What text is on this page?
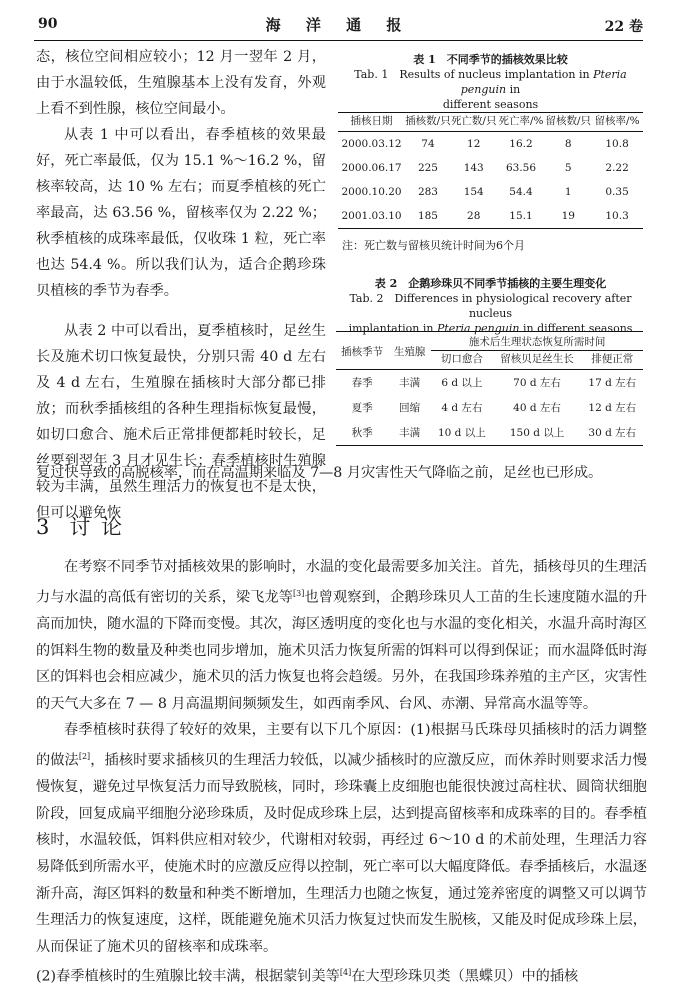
90	海 洋 通 报	22 卷

态，核位空间相应较小；12 月一翌年 2 月，由于水温较低，生殖腺基本上没有发育，外观上看不到性腺，核位空间最小。

从表 1 中可以看出，春季植核的效果最好，死亡率最低，仅为 15.1 %～16.2 %，留核率较高，达 10 % 左右；而夏季植核的死亡率最高，达 63.56 %，留核率仅为 2.22 %；秋季植核的成珠率最低，仅收珠 1 粒，死亡率也达 54.4 %。所以我们认为，适合企鹅珍珠贝植核的季节为春季。

从表 2 中可以看出，夏季植核时，足丝生长及施术切口恢复最快，分别只需 40 d 左右及 4 d 左右，生殖腺在插核时大部分都已排放；而秋季插核组的各种生理指标恢复最慢，如切口愈合、施术后正常排便都耗时较长，足丝要到翌年 3 月才见生长；春季植核时生殖腺较为丰满，虽然生理活力的恢复也不是太快，但可以避免恢

表 1　不同季节的插核效果比较
Tab. 1　Results of nucleus implantation in Pteria penguin in
different seasons
插核日期	插核数/只	死亡数/只	死亡率/%	留核数/只	留核率/%
2000.03.12	74	12	16.2	8	10.8
2000.06.17	225	143	63.56	5	2.22
2000.10.20	283	154	54.4	1	0.35
2001.03.10	185	28	15.1	19	10.3
注：死亡数与留核贝统计时间为6个月
表 2　企鹅珍珠贝不同季节插核的主要生理变化
Tab. 2　Differences in physiological recovery after nucleus
implantation in Pteria penguin in different seasons
插核季节	生殖腺	施术后生理状态恢复所需时间		
		切口愈合	留核贝足丝生长	排便正常
春季	丰满	6 d 以上	70 d 左右	17 d 左右
夏季	回缩	4 d 左右	40 d 左右	12 d 左右
秋季	丰满	10 d 以上	150 d 以上	30 d 左右
复过快导致的高脱核率，而在高温期来临及 7—8 月灾害性天气降临之前，足丝也已形成。
3 讨 论

在考察不同季节对插核效果的影响时，水温的变化最需要多加关注。首先，插核母贝的生理活力与水温的高低有密切的关系，梁飞龙等[3]也曾观察到，企鹅珍珠贝人工苗的生长速度随水温的升高而加快，随水温的下降而变慢。其次，海区透明度的变化也与水温的变化相关，水温升高时海区的饵料生物的数量及种类也同步增加，施术贝活力恢复所需的饵料可以得到保证；而水温降低时海区的饵料也会相应减少，施术贝的活力恢复也将会趋缓。另外，在我国珍珠养殖的主产区，灾害性的天气大多在 7 — 8 月高温期间频频发生，如西南季风、台风、赤潮、异常高水温等等。

春季植核时获得了较好的效果，主要有以下几个原因：(1)根据马氏珠母贝插核时的活力调整的做法[2]，插核时要求插核贝的生理活力较低，以减少插核时的应激反应，而休养时则要求活力慢慢恢复，避免过早恢复活力而导致脱核，同时，珍珠囊上皮细胞也能很快渡过高柱状、圆筒状细胞阶段，回复成扁平细胞分泌珍珠质，及时促成珍珠上层，达到提高留核率和成珠率的目的。春季植核时，水温较低，饵料供应相对较少，代谢相对较弱，再经过 6～10 d 的术前处理，生理活力容易降低到所需水平，使施术时的应激反应得以控制，死亡率可以大幅度降低。春季插核后，水温逐渐升高，海区饵料的数量和种类不断增加，生理活力也随之恢复，通过笼养密度的调整又可以调节生理活力的恢复速度，这样，既能避免施术贝活力恢复过快而发生脱核，又能及时促成珍珠上层，从而保证了施术贝的留核率和成珠率。

(2)春季植核时的生殖腺比较丰满，根据蒙钊美等[4]在大型珍珠贝类（黑蝶贝）中的插核
